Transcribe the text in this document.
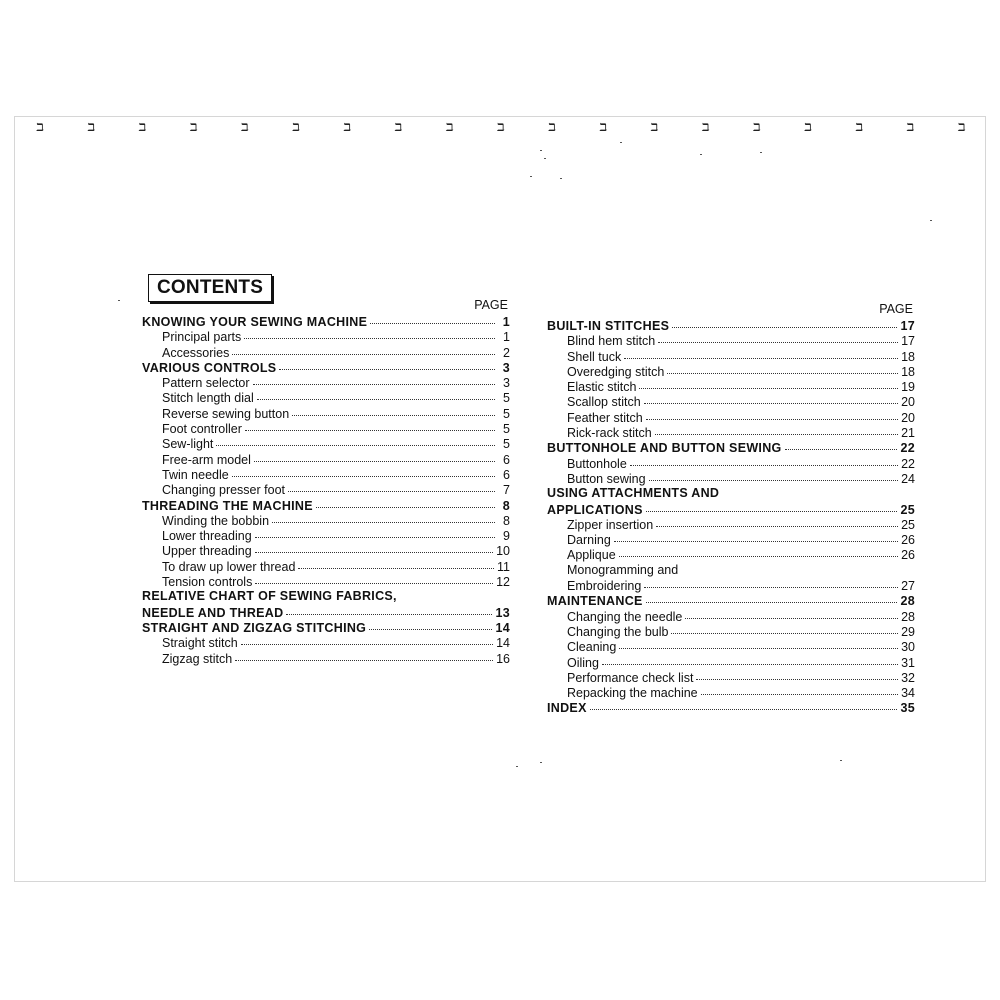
ℶ	ℶ	ℶ	ℶ	ℶ	ℶ	ℶ	ℶ	ℶ	ℶ	ℶ	ℶ	ℶ	ℶ	ℶ	ℶ	ℶ	ℶ	ℶ
CONTENTS
PAGE
KNOWING YOUR SEWING MACHINE	1
Principal parts	1
Accessories	2
VARIOUS CONTROLS	3
Pattern selector	3
Stitch length dial	5
Reverse sewing button	5
Foot controller	5
Sew-light	5
Free-arm model	6
Twin needle	6
Changing presser foot	7
THREADING THE MACHINE	8
Winding the bobbin	8
Lower threading	9
Upper threading	10
To draw up lower thread	11
Tension controls	12
RELATIVE CHART OF SEWING FABRICS,
NEEDLE AND THREAD	13
STRAIGHT AND ZIGZAG STITCHING	14
Straight stitch	14
Zigzag stitch	16
PAGE
BUILT-IN STITCHES	17
Blind hem stitch	17
Shell tuck	18
Overedging stitch	18
Elastic stitch	19
Scallop stitch	20
Feather stitch	20
Rick-rack stitch	21
BUTTONHOLE AND BUTTON SEWING	22
Buttonhole	22
Button sewing	24
USING ATTACHMENTS AND
APPLICATIONS	25
Zipper insertion	25
Darning	26
Applique	26
Monogramming and
Embroidering	27
MAINTENANCE	28
Changing the needle	28
Changing the bulb	29
Cleaning	30
Oiling	31
Performance check list	32
Repacking the machine	34
INDEX	35
